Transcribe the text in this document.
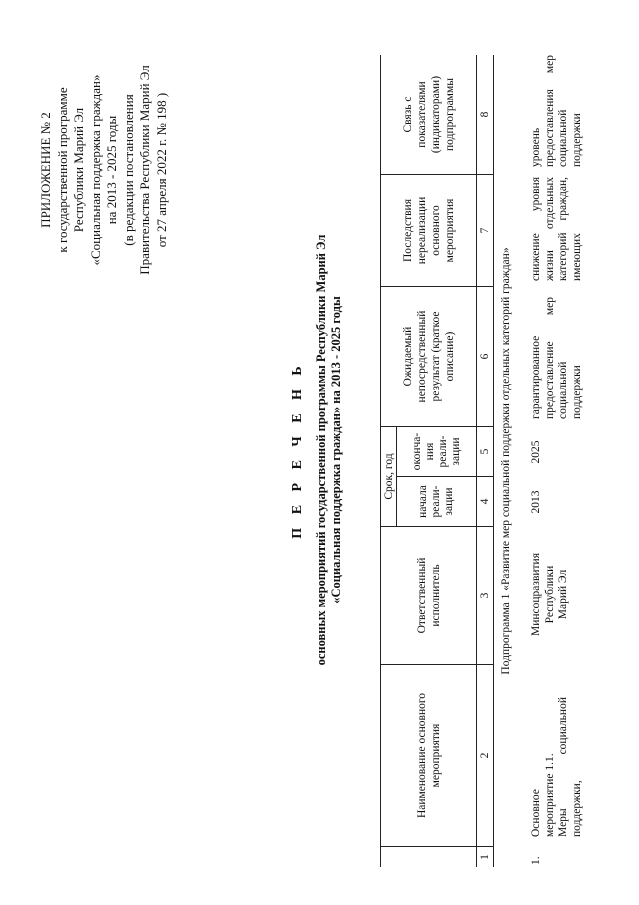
ПРИЛОЖЕНИЕ № 2 к государственной программе Республики Марий Эл «Социальная поддержка граждан» на 2013 - 2025 годы (в редакции постановления Правительства Республики Марий Эл от 27 апреля 2022 г. № 198 )
П Е Р Е Ч Е Н Ь основных мероприятий государственной программы Республики Марий Эл «Социальная поддержка граждан» на 2013 - 2025 годы
Наименование основного мероприятия
Ответственный исполнитель
Срок, год
начала реали-зации
оконча-ния реали-зации
Ожидаемый непосредственный результат (краткое описание)
Последствия нереализации основного мероприятия
Связь с показателями (индикаторами) подпрограммы
1
2
3
4
5
6
7
8
Подпрограмма 1 «Развитие мер социальной поддержки отдельных категорий граждан»
1.
Основное мероприятие 1.1. Меры социальной поддержки,
Минсоцразвития Республики Марий Эл
2013
2025
гарантированное предоставление мер социальной поддержки
снижение уровня жизни отдельных категорий граждан, имеющих
уровень предоставления мер социальной поддержки
